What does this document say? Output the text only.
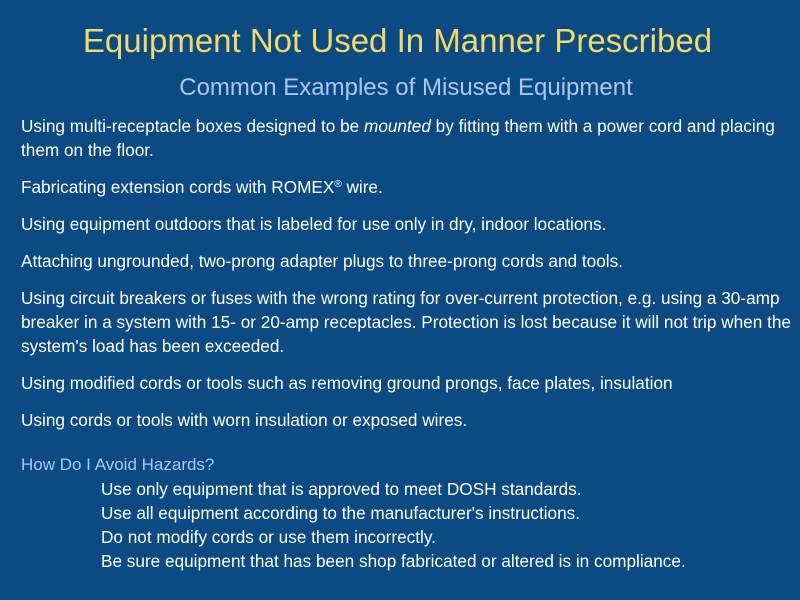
Equipment Not Used In Manner Prescribed
Common Examples of Misused Equipment
Using multi-receptacle boxes designed to be mounted by fitting them with a power cord and placing them on the floor.
Fabricating extension cords with ROMEX® wire.
Using equipment outdoors that is labeled for use only in dry, indoor locations.
Attaching ungrounded, two-prong adapter plugs to three-prong cords and tools.
Using circuit breakers or fuses with the wrong rating for over-current protection, e.g. using a 30-amp breaker in a system with 15- or 20-amp receptacles. Protection is lost because it will not trip when the system's load has been exceeded.
Using modified cords or tools such as removing ground prongs, face plates, insulation
Using cords or tools with worn insulation or exposed wires.
How Do I Avoid Hazards?
Use only equipment that is approved to meet DOSH standards.
Use all equipment according to the manufacturer's instructions.
Do not modify cords or use them incorrectly.
Be sure equipment that has been shop fabricated or altered is in compliance.
